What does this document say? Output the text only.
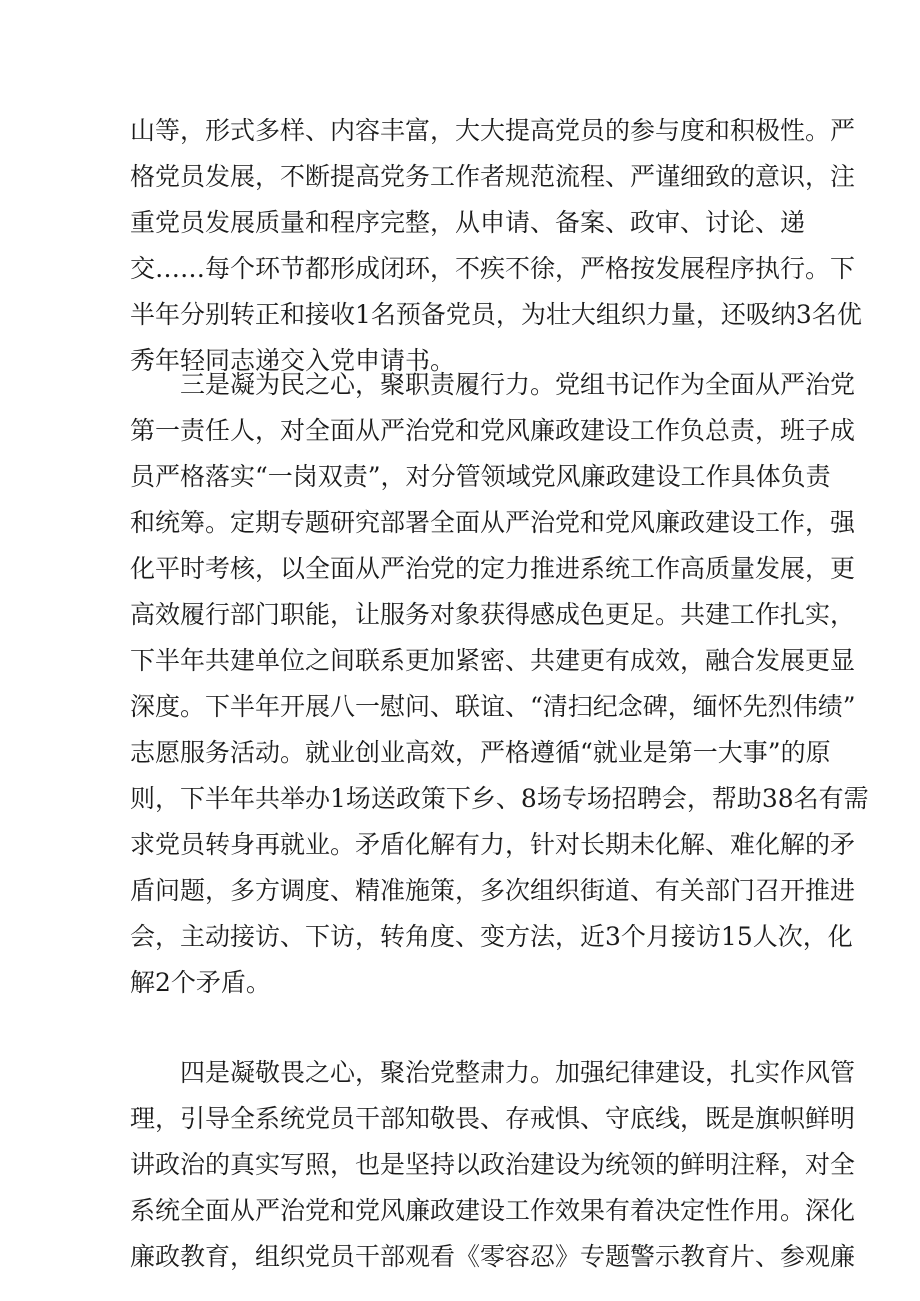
山等，形式多样、内容丰富，大大提高党员的参与度和积极性。严
格党员发展，不断提高党务工作者规范流程、严谨细致的意识，注
重党员发展质量和程序完整，从申请、备案、政审、讨论、递
交……每个环节都形成闭环，不疾不徐，严格按发展程序执行。下
半年分别转正和接收1名预备党员，为壮大组织力量，还吸纳3名优
秀年轻同志递交入党申请书。
三是凝为民之心，聚职责履行力。党组书记作为全面从严治党
第一责任人，对全面从严治党和党风廉政建设工作负总责，班子成
员严格落实“一岗双责”，对分管领域党风廉政建设工作具体负责
和统筹。定期专题研究部署全面从严治党和党风廉政建设工作，强
化平时考核，以全面从严治党的定力推进系统工作高质量发展，更
高效履行部门职能，让服务对象获得感成色更足。共建工作扎实，
下半年共建单位之间联系更加紧密、共建更有成效，融合发展更显
深度。下半年开展八一慰问、联谊、“清扫纪念碑，缅怀先烈伟绩”
志愿服务活动。就业创业高效，严格遵循“就业是第一大事”的原
则，下半年共举办1场送政策下乡、8场专场招聘会，帮助38名有需
求党员转身再就业。矛盾化解有力，针对长期未化解、难化解的矛
盾问题，多方调度、精准施策，多次组织街道、有关部门召开推进
会，主动接访、下访，转角度、变方法，近3个月接访15人次，化
解2个矛盾。
四是凝敬畏之心，聚治党整肃力。加强纪律建设，扎实作风管
理，引导全系统党员干部知敬畏、存戒惧、守底线，既是旗帜鲜明
讲政治的真实写照，也是坚持以政治建设为统领的鲜明注释，对全
系统全面从严治党和党风廉政建设工作效果有着决定性作用。深化
廉政教育，组织党员干部观看《零容忍》专题警示教育片、参观廉
